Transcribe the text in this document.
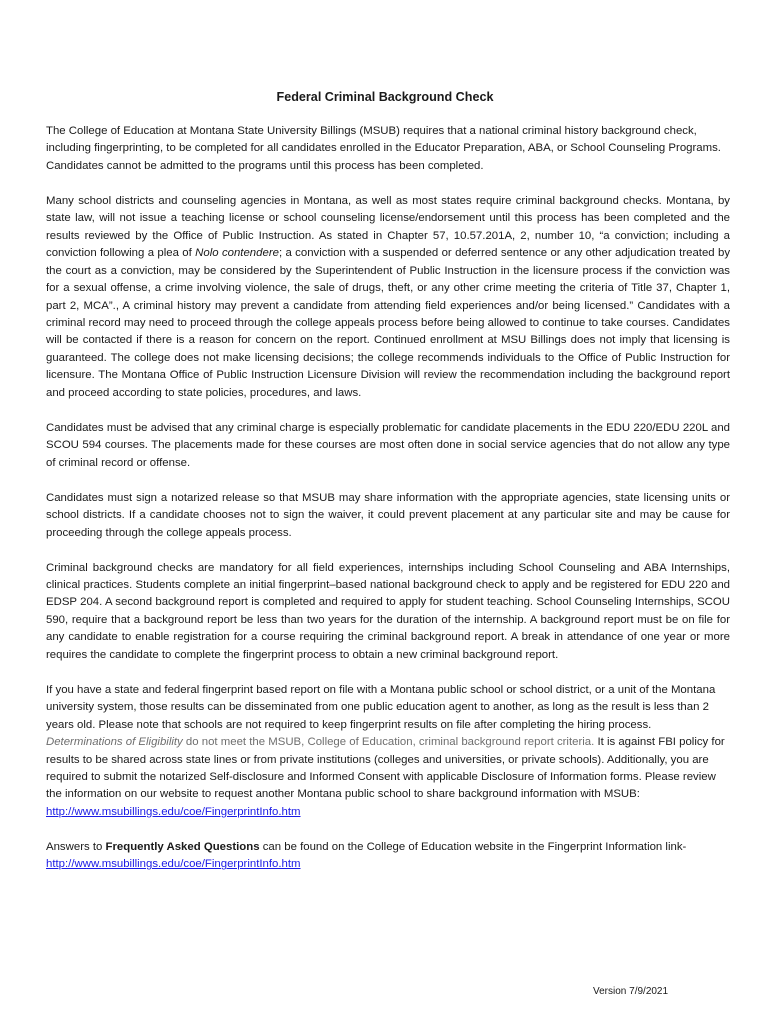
Federal Criminal Background Check

The College of Education at Montana State University Billings (MSUB) requires that a national criminal history background check, including fingerprinting, to be completed for all candidates enrolled in the Educator Preparation, ABA, or School Counseling Programs. Candidates cannot be admitted to the programs until this process has been completed.

Many school districts and counseling agencies in Montana, as well as most states require criminal background checks. Montana, by state law, will not issue a teaching license or school counseling license/endorsement until this process has been completed and the results reviewed by the Office of Public Instruction. As stated in Chapter 57, 10.57.201A, 2, number 10, “a conviction; including a conviction following a plea of Nolo contendere; a conviction with a suspended or deferred sentence or any other adjudication treated by the court as a conviction, may be considered by the Superintendent of Public Instruction in the licensure process if the conviction was for a sexual offense, a crime involving violence, the sale of drugs, theft, or any other crime meeting the criteria of Title 37, Chapter 1, part 2, MCA”., A criminal history may prevent a candidate from attending field experiences and/or being licensed.” Candidates with a criminal record may need to proceed through the college appeals process before being allowed to continue to take courses. Candidates will be contacted if there is a reason for concern on the report. Continued enrollment at MSU Billings does not imply that licensing is guaranteed. The college does not make licensing decisions; the college recommends individuals to the Office of Public Instruction for licensure. The Montana Office of Public Instruction Licensure Division will review the recommendation including the background report and proceed according to state policies, procedures, and laws.

Candidates must be advised that any criminal charge is especially problematic for candidate placements in the EDU 220/EDU 220L and SCOU 594 courses. The placements made for these courses are most often done in social service agencies that do not allow any type of criminal record or offense.

Candidates must sign a notarized release so that MSUB may share information with the appropriate agencies, state licensing units or school districts. If a candidate chooses not to sign the waiver, it could prevent placement at any particular site and may be cause for proceeding through the college appeals process.

Criminal background checks are mandatory for all field experiences, internships including School Counseling and ABA Internships, clinical practices. Students complete an initial fingerprint–based national background check to apply and be registered for EDU 220 and EDSP 204. A second background report is completed and required to apply for student teaching. School Counseling Internships, SCOU 590, require that a background report be less than two years for the duration of the internship. A background report must be on file for any candidate to enable registration for a course requiring the criminal background report. A break in attendance of one year or more requires the candidate to complete the fingerprint process to obtain a new criminal background report.

If you have a state and federal fingerprint based report on file with a Montana public school or school district, or a unit of the Montana university system, those results can be disseminated from one public education agent to another, as long as the result is less than 2 years old. Please note that schools are not required to keep fingerprint results on file after completing the hiring process. Determinations of Eligibility do not meet the MSUB, College of Education, criminal background report criteria. It is against FBI policy for results to be shared across state lines or from private institutions (colleges and universities, or private schools). Additionally, you are required to submit the notarized Self-disclosure and Informed Consent with applicable Disclosure of Information forms. Please review the information on our website to request another Montana public school to share background information with MSUB:
http://www.msubillings.edu/coe/FingerprintInfo.htm

Answers to Frequently Asked Questions can be found on the College of Education website in the Fingerprint Information link-
http://www.msubillings.edu/coe/FingerprintInfo.htm

Version 7/9/2021
